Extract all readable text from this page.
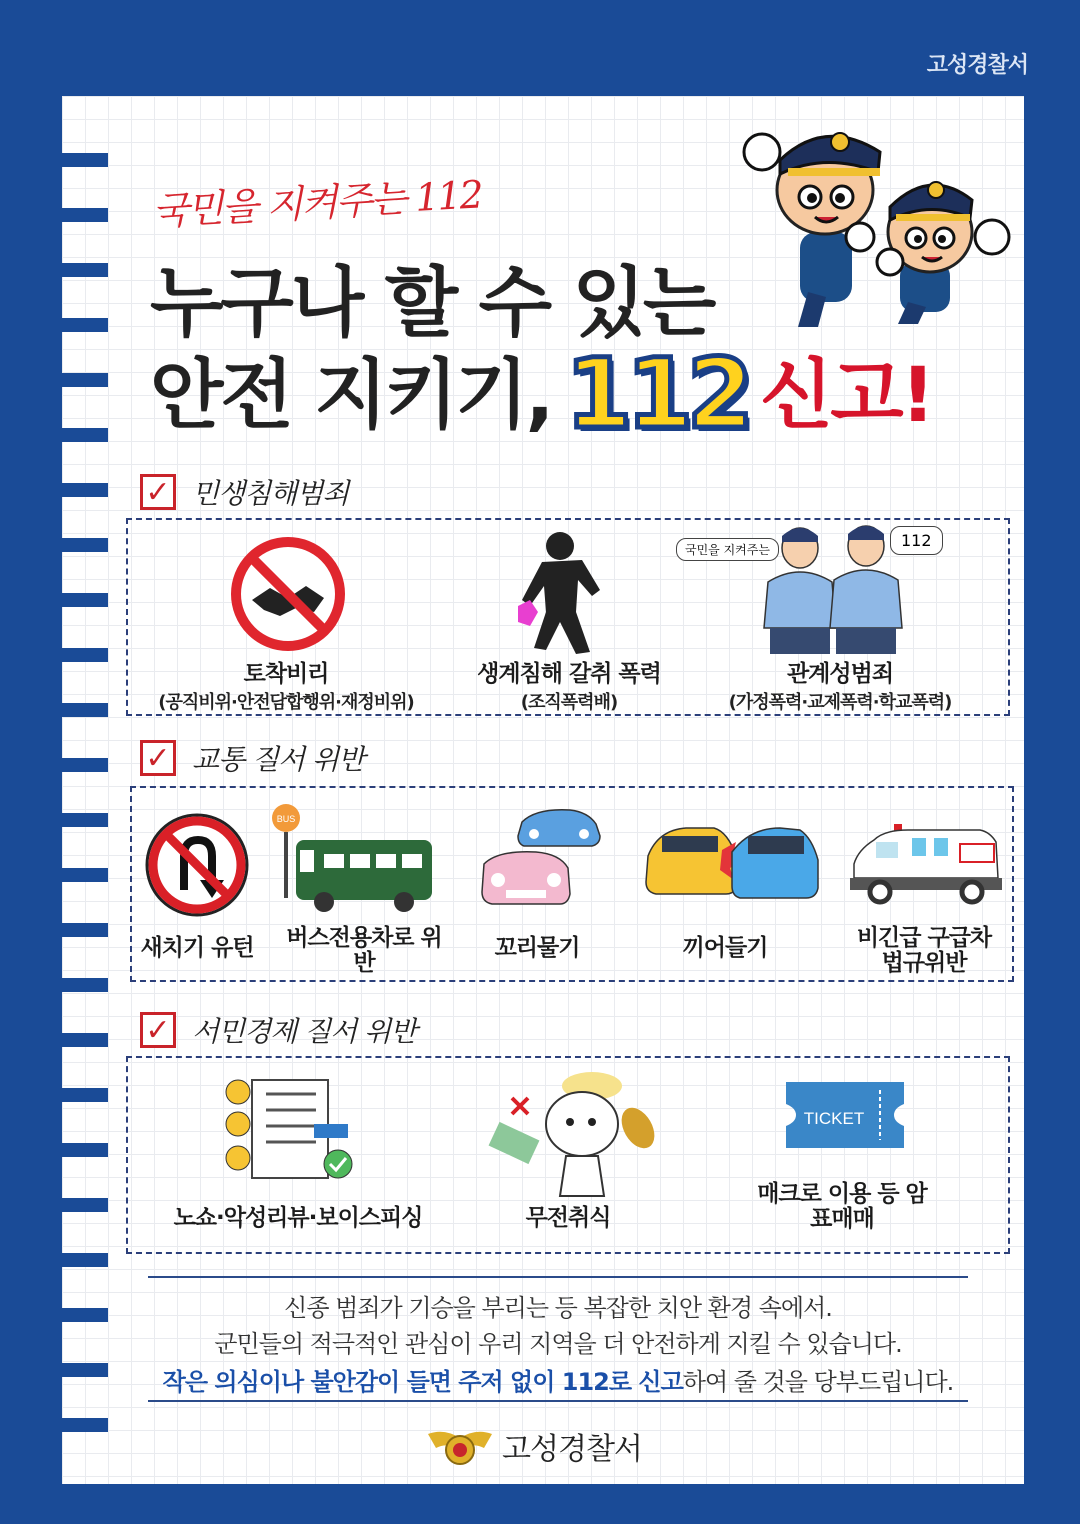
고성경찰서
국민을 지켜주는 112
누구나 할 수 있는
안전 지키기, 112 신고!
✓ 민생침해범죄
토착비리
(공직비위·안전담합행위·재정비위)
생계침해 갈취 폭력
(조직폭력배)
국민을 지켜주는	112
관계성범죄
(가정폭력·교제폭력·학교폭력)
✓ 교통 질서 위반
새치기 유턴
BUS
버스전용차로 위반
꼬리물기	끼어들기	비긴급 구급차 법규위반
✓ 서민경제 질서 위반
노쇼·악성리뷰·보이스피싱	무전취식
TICKET
매크로 이용 등 암표매매
신종 범죄가 기승을 부리는 등 복잡한 치안 환경 속에서.
군민들의 적극적인 관심이 우리 지역을 더 안전하게 지킬 수 있습니다.
작은 의심이나 불안감이 들면 주저 없이 112로 신고하여 줄 것을 당부드립니다.
고성경찰서
